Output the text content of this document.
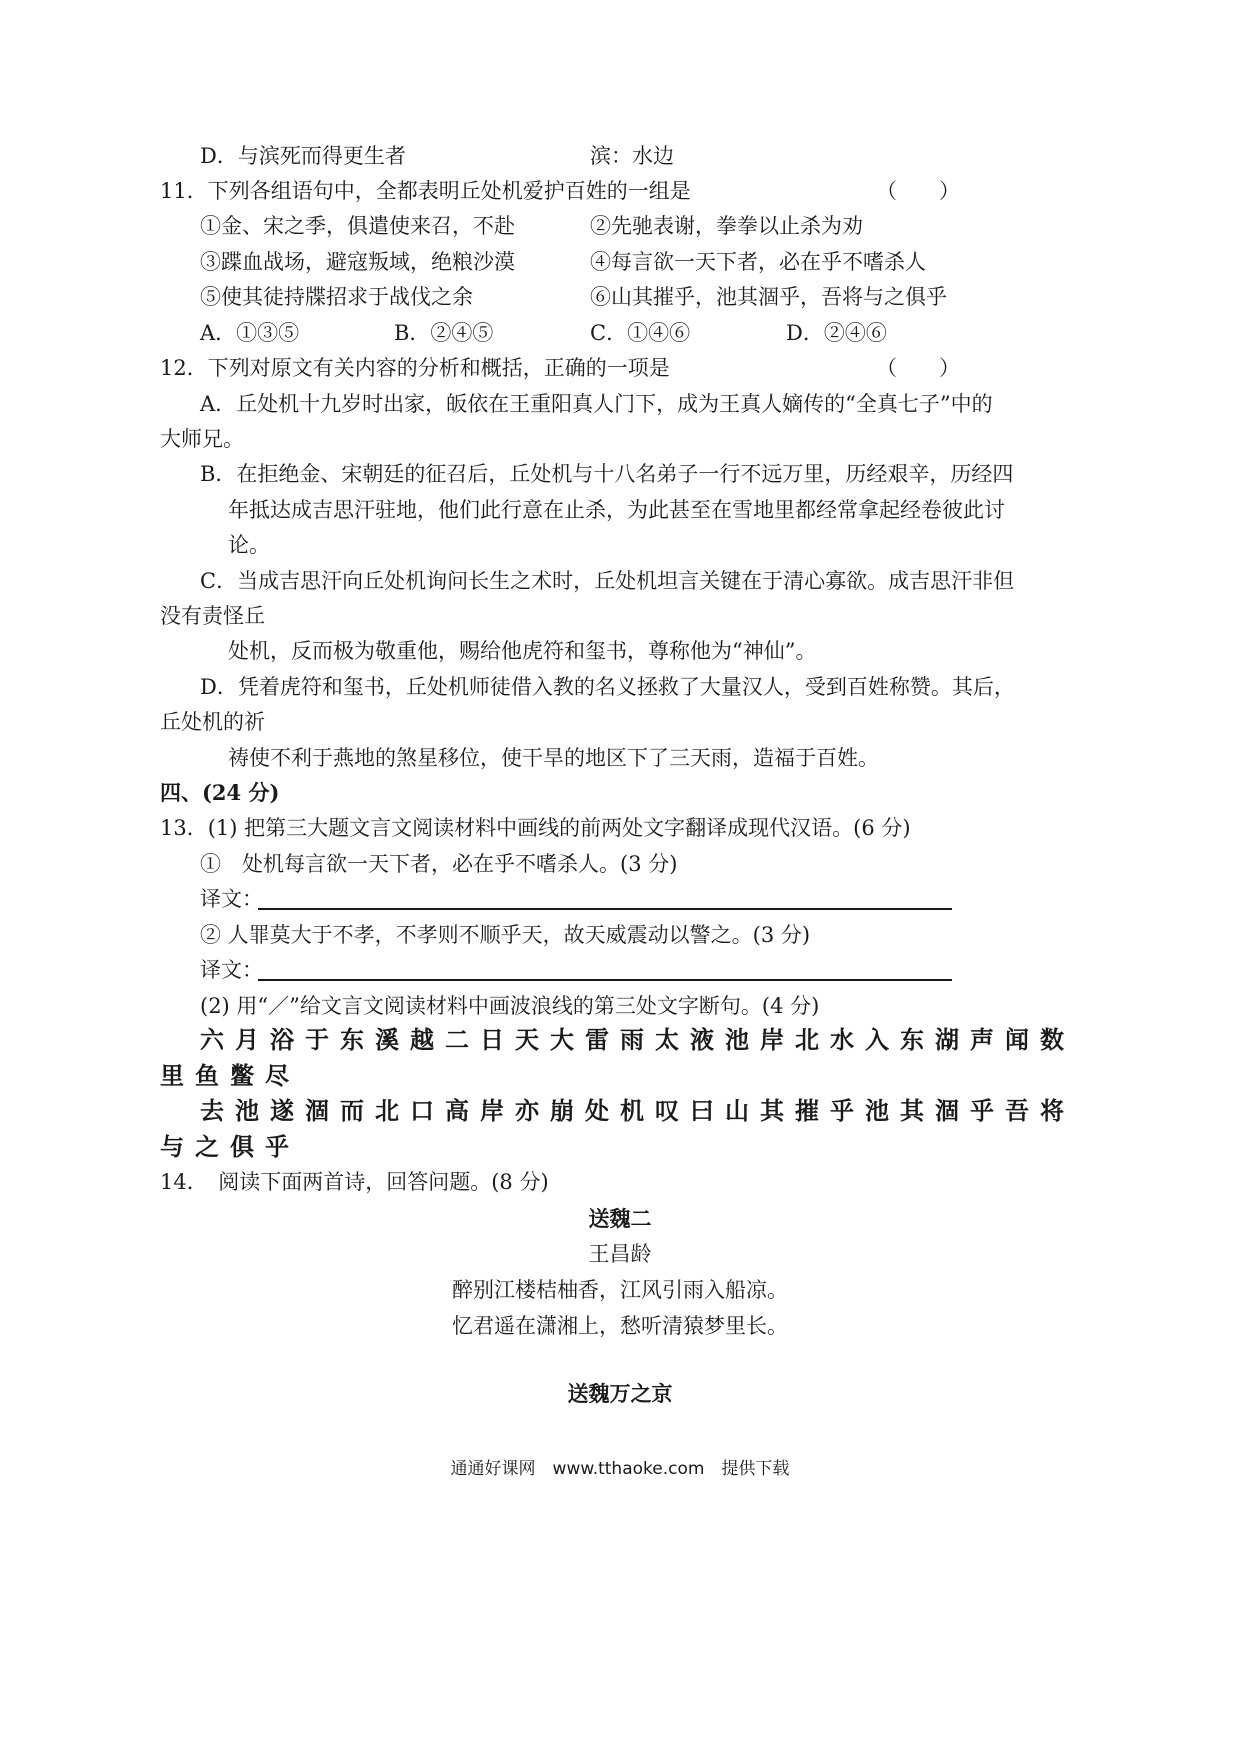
D．与滨死而得更生者	滨：水边
11．下列各组语句中，全都表明丘处机爱护百姓的一组是	（　　）
①金、宋之季，俱遣使来召，不赴	②先驰表谢，拳拳以止杀为劝
③蹀血战场，避寇叛域，绝粮沙漠	④每言欲一天下者，必在乎不嗜杀人
⑤使其徒持牒招求于战伐之余	⑥山其摧乎，池其涸乎，吾将与之俱乎
A．①③⑤	B．②④⑤	C．①④⑥	D．②④⑥
12．下列对原文有关内容的分析和概括，正确的一项是	（　　）
A．丘处机十九岁时出家，皈依在王重阳真人门下，成为王真人嫡传的“全真七子”中的
大师兄。
B．在拒绝金、宋朝廷的征召后，丘处机与十八名弟子一行不远万里，历经艰辛，历经四
年抵达成吉思汗驻地，他们此行意在止杀，为此甚至在雪地里都经常拿起经卷彼此讨
论。
C．当成吉思汗向丘处机询问长生之术时，丘处机坦言关键在于清心寡欲。成吉思汗非但
没有责怪丘
处机，反而极为敬重他，赐给他虎符和玺书，尊称他为“神仙”。
D．凭着虎符和玺书，丘处机师徒借入教的名义拯救了大量汉人，受到百姓称赞。其后，
丘处机的祈
祷使不利于燕地的煞星移位，使干旱的地区下了三天雨，造福于百姓。
四、(24 分)
13．(1) 把第三大题文言文阅读材料中画线的前两处文字翻译成现代汉语。(6 分)
①　处机每言欲一天下者，必在乎不嗜杀人。(3 分)
译文：
② 人罪莫大于不孝，不孝则不顺乎天，故天威震动以警之。(3 分)
译文：
(2) 用“／”给文言文阅读材料中画波浪线的第三处文字断句。(4 分)
六月浴于东溪越二日天大雷雨太液池岸北水入东湖声闻数
里鱼鳖尽
去池遂涸而北口高岸亦崩处机叹曰山其摧乎池其涸乎吾将
与之俱乎
14．　阅读下面两首诗，回答问题。(8 分)
送魏二
王昌龄
醉别江楼桔柚香，江风引雨入船凉。
忆君遥在潇湘上，愁听清猿梦里长。
送魏万之京
通通好课网　www.tthaoke.com　提供下载
